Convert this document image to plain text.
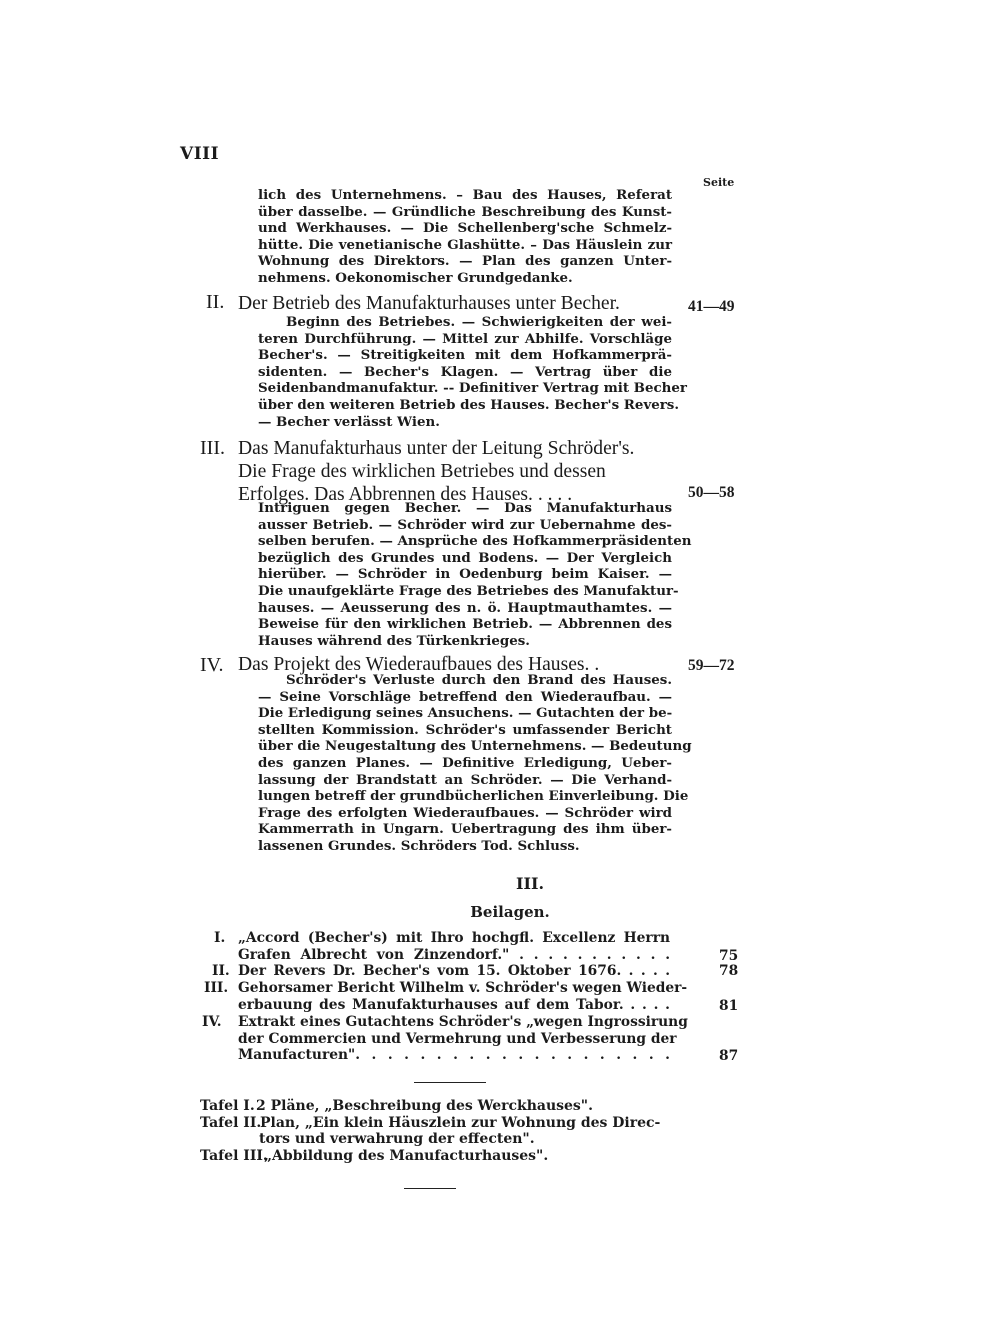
VIII
Seite
lich des Unternehmens. – Bau des Hauses, Referat
über dasselbe. — Gründliche Beschreibung des Kunst-
und Werkhauses. — Die Schellenberg'sche Schmelz-
hütte. Die venetianische Glashütte. – Das Häuslein zur
Wohnung des Direktors. — Plan des ganzen Unter-
nehmens. Oekonomischer Grundgedanke.
II. Der Betrieb des Manufakturhauses unter Becher.	41—49
Beginn des Betriebes. — Schwierigkeiten der wei-
teren Durchführung. — Mittel zur Abhilfe. Vorschläge
Becher's. — Streitigkeiten mit dem Hofkammerprä-
sidenten. — Becher's Klagen. — Vertrag über die
Seidenbandmanufaktur. -- Definitiver Vertrag mit Becher
über den weiteren Betrieb des Hauses. Becher's Revers.
— Becher verlässt Wien.
III. Das Manufakturhaus unter der Leitung Schröder's.
Die Frage des wirklichen Betriebes und dessen
Erfolges. Das Abbrennen des Hauses. . . . .	50—58
Intriguen gegen Becher. — Das Manufakturhaus
ausser Betrieb. — Schröder wird zur Uebernahme des-
selben berufen. — Ansprüche des Hofkammerpräsidenten
bezüglich des Grundes und Bodens. — Der Vergleich
hierüber. — Schröder in Oedenburg beim Kaiser. —
Die unaufgeklärte Frage des Betriebes des Manufaktur-
hauses. — Aeusserung des n. ö. Hauptmauthamtes. —
Beweise für den wirklichen Betrieb. — Abbrennen des
Hauses während des Türkenkrieges.
IV. Das Projekt des Wiederaufbaues des Hauses. .	59—72
Schröder's Verluste durch den Brand des Hauses.
— Seine Vorschläge betreffend den Wiederaufbau. —
Die Erledigung seines Ansuchens. — Gutachten der be-
stellten Kommission. Schröder's umfassender Bericht
über die Neugestaltung des Unternehmens. — Bedeutung
des ganzen Planes. — Definitive Erledigung, Ueber-
lassung der Brandstatt an Schröder. — Die Verhand-
lungen betreff der grundbücherlichen Einverleibung. Die
Frage des erfolgten Wiederaufbaues. — Schröder wird
Kammerrath in Ungarn. Uebertragung des ihm über-
lassenen Grundes. Schröders Tod. Schluss.
III.
Beilagen.
I. „Accord (Becher's) mit Ihro hochgfl. Excellenz Herrn
Grafen Albrecht von Zinzendorf." . . . . . . . . . . .	75
II. Der Revers Dr. Becher's vom 15. Oktober 1676. . . . .	78
III. Gehorsamer Bericht Wilhelm v. Schröder's wegen Wieder-
erbauung des Manufakturhauses auf dem Tabor. . . . .	81
IV. Extrakt eines Gutachtens Schröder's „wegen Ingrossirung
der Commercien und Vermehrung und Verbesserung der
Manufacturen". . . . . . . . . . . . . . . . . . . .	87
Tafel I. 2 Pläne, „Beschreibung des Werckhauses".
Tafel II.
Plan, „Ein klein Häuszlein zur Wohnung des Direc-
tors und verwahrung der effecten".
Tafel III.
„Abbildung des Manufacturhauses".
